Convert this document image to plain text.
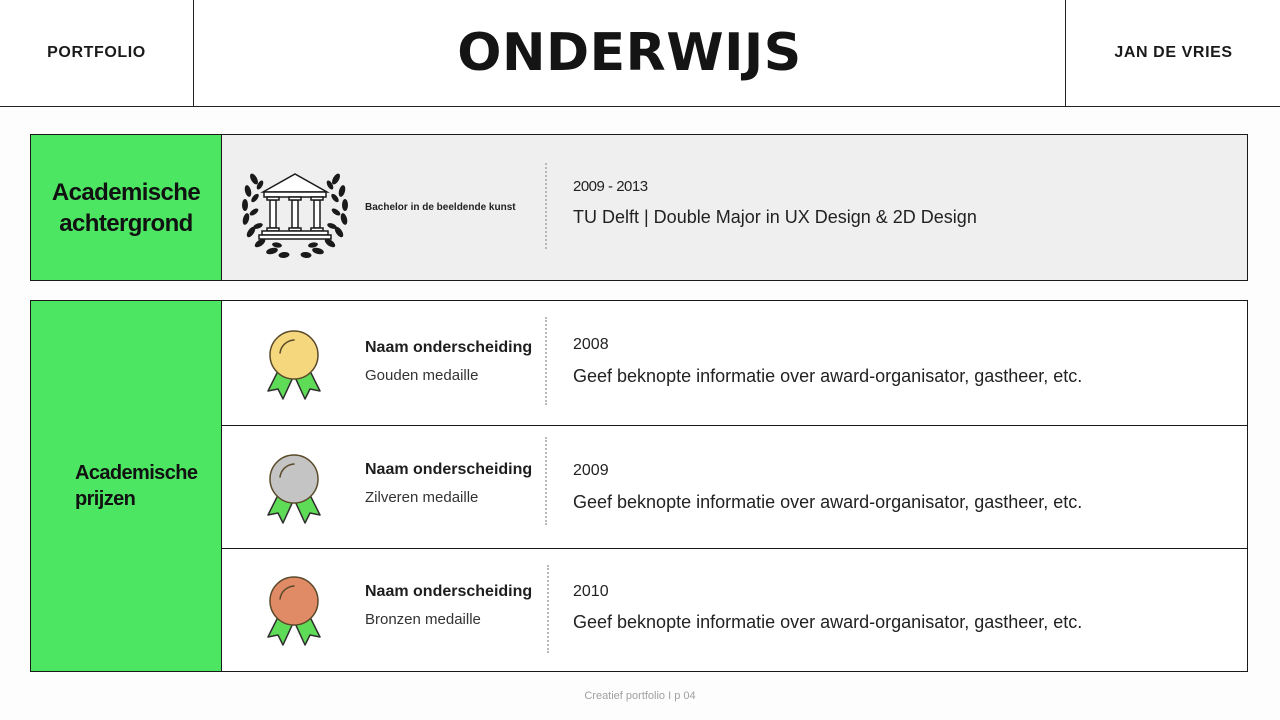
PORTFOLIO	ONDERWIJS	JAN DE VRIES
Academische achtergrond
Bachelor in de beeldende kunst
2009 - 2013
TU Delft | Double Major in UX Design & 2D Design
Academische prijzen
Naam onderscheiding
Gouden medaille
2008
Geef beknopte informatie over award-organisator, gastheer, etc.
Naam onderscheiding
Zilveren medaille
2009
Geef beknopte informatie over award-organisator, gastheer, etc.
Naam onderscheiding
Bronzen medaille
2010
Geef beknopte informatie over award-organisator, gastheer, etc.
Creatief portfolio I p 04
